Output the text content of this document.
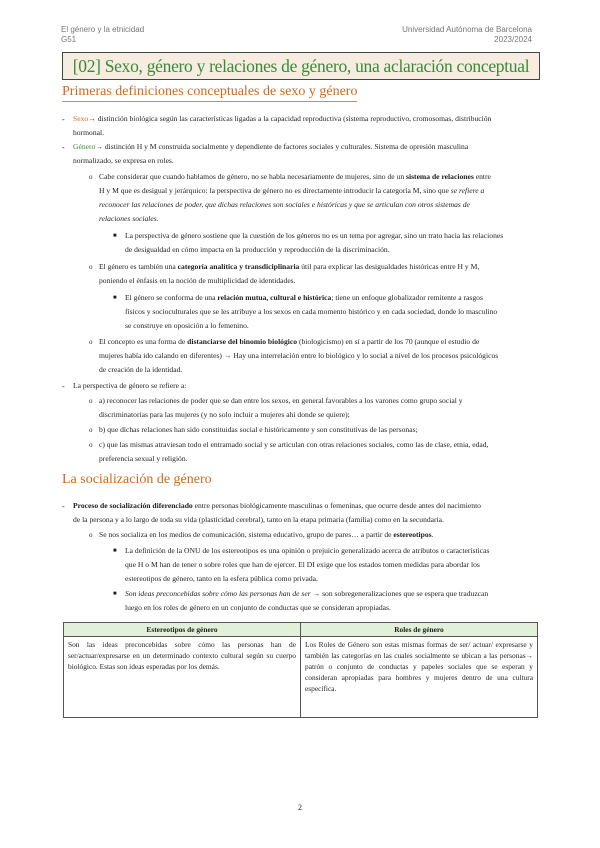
El género y la etnicidad
G51
Universidad Autónoma de Barcelona
2023/2024
[02] Sexo, género y relaciones de género, una aclaración conceptual
Primeras definiciones conceptuales de sexo y género
- Sexo→ distinción biológica según las características ligadas a la capacidad reproductiva (sistema reproductivo, cromosomas, distribución
hormonal.
- Género→ distinción H y M construida socialmente y dependiente de factores sociales y culturales. Sistema de opresión masculina
normalizado, se expresa en roles.
o Cabe considerar que cuando hablamos de género, no se habla necesariamente de mujeres, sino de un sistema de relaciones entre
H y M que es desigual y jerárquico: la perspectiva de género no es directamente introducir la categoría M, sino que se refiere a
reconocer las relaciones de poder, que dichas relaciones son sociales e históricas y que se articulan con otros sistemas de
relaciones sociales.
■ La perspectiva de género sostiene que la cuestión de los géneros no es un tema por agregar, sino un trato hacia las relaciones
de desigualdad en cómo impacta en la producción y reproducción de la discriminación.
o El género es también una categoría analítica y transdiciplinaria útil para explicar las desigualdades históricas entre H y M,
poniendo el énfasis en la noción de multiplicidad de identidades.
■ El género se conforma de una relación mutua, cultural e histórica; tiene un enfoque globalizador remitente a rasgos
físicos y socioculturales que se les atribuye a los sexos en cada momento histórico y en cada sociedad, donde lo masculino
se construye en oposición a lo femenino.
o El concepto es una forma de distanciarse del binomio biológico (biologicismo) en sí a partir de los 70 (aunque el estudio de
mujeres había ido calando en diferentes) → Hay una interrelación entre lo biológico y lo social a nivel de los procesos psicológicos
de creación de la identidad.
- La perspectiva de género se refiere a:
o a) reconocer las relaciones de poder que se dan entre los sexos, en general favorables a los varones como grupo social y
discriminatorias para las mujeres (y no solo incluir a mujeres ahí donde se quiere);
o b) que dichas relaciones han sido constituidas social e históricamente y son constitutivas de las personas;
o c) que las mismas atraviesan todo el entramado social y se articulan con otras relaciones sociales, como las de clase, etnia, edad,
preferencia sexual y religión.
La socialización de género
- Proceso de socialización diferenciado entre personas biológicamente masculinas o femeninas, que ocurre desde antes del nacimiento
de la persona y a lo largo de toda su vida (plasticidad cerebral), tanto en la etapa primaria (familia) como en la secundaria.
o Se nos socializa en los medios de comunicación, sistema educativo, grupo de pares… a partir de estereotipos.
■ La definición de la ONU de los estereotipos es una opinión o prejuicio generalizado acerca de atributos o características
que H o M han de tener o sobre roles que han de ejercer. El DI exige que los estados tomen medidas para abordar los
estereotipos de género, tanto en la esfera pública como privada.
■ Son ideas preconcebidas sobre cómo las personas han de ser → son sobregeneralizaciones que se espera que traduzcan
luego en los roles de género en un conjunto de conductas que se consideran apropiadas.
Estereotipos de género	Roles de género
Son las ideas preconcebidas sobre cómo las personas han de ser/actuar/expresarse en un determinado contexto cultural según su cuerpo biológico. Estas son ideas esperadas por los demás.	Los Roles de Género son estas mismas formas de ser/ actuar/ expresarse y también las categorías en las cuales socialmente se ubican a las personas→ patrón o conjunto de conductas y papeles sociales que se esperan y consideran apropiadas para hombres y mujeres dentro de una cultura específica.
2
